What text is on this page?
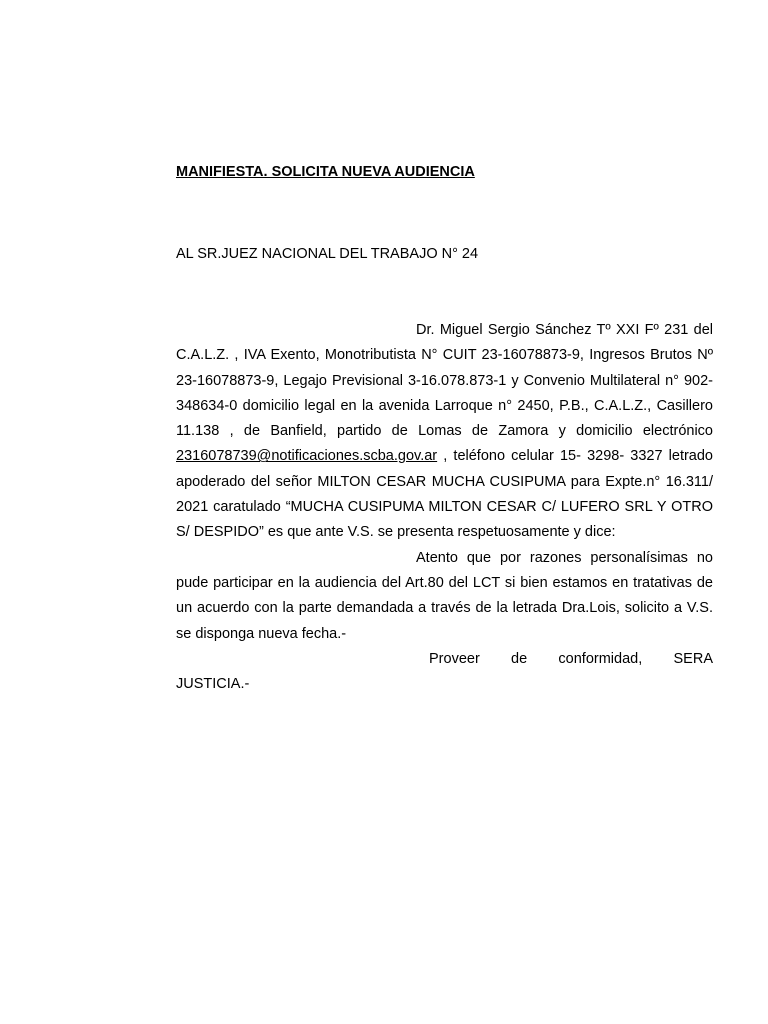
MANIFIESTA. SOLICITA NUEVA AUDIENCIA
AL SR.JUEZ NACIONAL DEL TRABAJO N° 24

Dr. Miguel Sergio Sánchez Tº XXI Fº 231 del C.A.L.Z. , IVA Exento, Monotributista N° CUIT 23-16078873-9, Ingresos Brutos Nº 23-16078873-9, Legajo Previsional 3-16.078.873-1 y Convenio Multilateral n° 902-348634-0 domicilio legal en la avenida Larroque n° 2450, P.B., C.A.L.Z., Casillero 11.138 , de Banfield, partido de Lomas de Zamora y domicilio electrónico 2316078739@notificaciones.scba.gov.ar , teléfono celular 15- 3298- 3327 letrado apoderado del señor MILTON CESAR MUCHA CUSIPUMA para Expte.n° 16.311/ 2021 caratulado “MUCHA CUSIPUMA MILTON CESAR C/ LUFERO SRL Y OTRO S/ DESPIDO” es que ante V.S. se presenta respetuosamente y dice:

Atento que por razones personalísimas no pude participar en la audiencia del Art.80 del LCT si bien estamos en tratativas de un acuerdo con la parte demandada a través de la letrada Dra.Lois, solicito a V.S. se disponga nueva fecha.-

Proveer de conformidad, SERA

JUSTICIA.-
